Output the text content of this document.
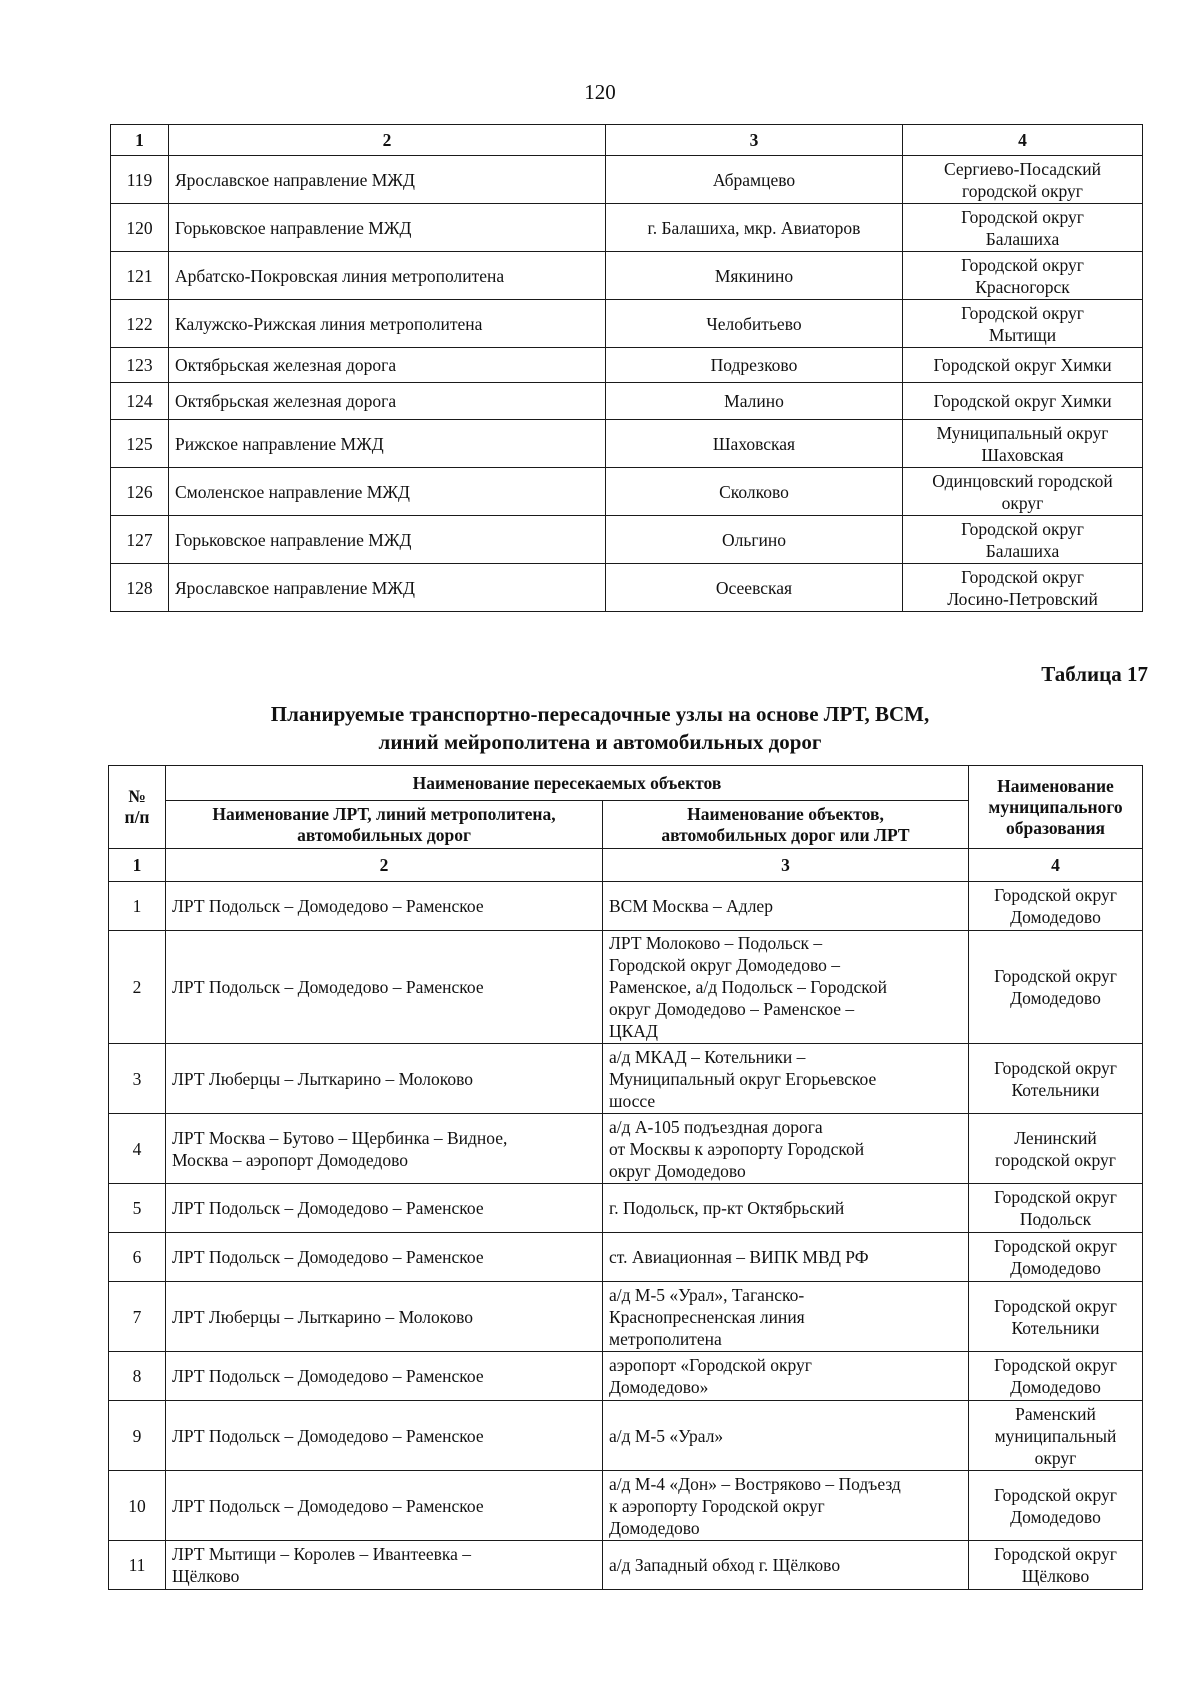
120
1	2	3	4
119	Ярославское направление МЖД	Абрамцево	Сергиево-Посадский
городской округ

120	Горьковское направление МЖД	г. Балашиха, мкр. Авиаторов	Городской округ
Балашиха

121	Арбатско-Покровская линия метрополитена	Мякинино	Городской округ
Красногорск

122	Калужско-Рижская линия метрополитена	Челобитьево	Городской округ
Мытищи

123	Октябрьская железная дорога	Подрезково	Городской округ Химки

124	Октябрьская железная дорога	Малино	Городской округ Химки

125	Рижское направление МЖД	Шаховская	Муниципальный округ
Шаховская

126	Смоленское направление МЖД	Сколково	Одинцовский городской
округ

127	Горьковское направление МЖД	Ольгино	Городской округ
Балашиха

128	Ярославское направление МЖД	Осеевская	Городской округ
Лосино-Петровский
Таблица 17
Планируемые транспортно-пересадочные узлы на основе ЛРТ, ВСМ,
линий мейрополитена и автомобильных дорог
№
п/п	Наименование пересекаемых объектов		Наименование
муниципального
образования

	Наименование ЛРТ, линий метрополитена,
автомобильных дорог	Наименование объектов,
автомобильных дорог или ЛРТ	

1	2	3	4
1	ЛРТ Подольск – Домодедово – Раменское	ВСМ Москва – Адлер	Городской округ
Домодедово

2	ЛРТ Подольск – Домодедово – Раменское	ЛРТ Молоково – Подольск –
Городской округ Домодедово –
Раменское, а/д Подольск – Городской
округ Домодедово – Раменское –
ЦКАД	Городской округ
Домодедово

3	ЛРТ Люберцы – Лыткарино – Молоково	а/д МКАД – Котельники –
Муниципальный округ Егорьевское
шоссе	Городской округ
Котельники

4	ЛРТ Москва – Бутово – Щербинка – Видное,
Москва – аэропорт Домодедово	а/д А-105 подъездная дорога
от Москвы к аэропорту Городской
округ Домодедово	Ленинский
городской округ

5	ЛРТ Подольск – Домодедово – Раменское	г. Подольск, пр-кт Октябрьский	Городской округ
Подольск

6	ЛРТ Подольск – Домодедово – Раменское	ст. Авиационная – ВИПК МВД РФ	Городской округ
Домодедово

7	ЛРТ Люберцы – Лыткарино – Молоково	а/д М-5 «Урал», Таганско-
Краснопресненская линия
метрополитена	Городской округ
Котельники

8	ЛРТ Подольск – Домодедово – Раменское	аэропорт «Городской округ
Домодедово»	Городской округ
Домодедово

9	ЛРТ Подольск – Домодедово – Раменское	а/д М-5 «Урал»	Раменский
муниципальный
округ

10	ЛРТ Подольск – Домодедово – Раменское	а/д М-4 «Дон» – Востряково – Подъезд
к аэропорту Городской округ
Домодедово	Городской округ
Домодедово

11	ЛРТ Мытищи – Королев – Ивантеевка –
Щёлково	а/д Западный обход г. Щёлково	Городской округ
Щёлково
